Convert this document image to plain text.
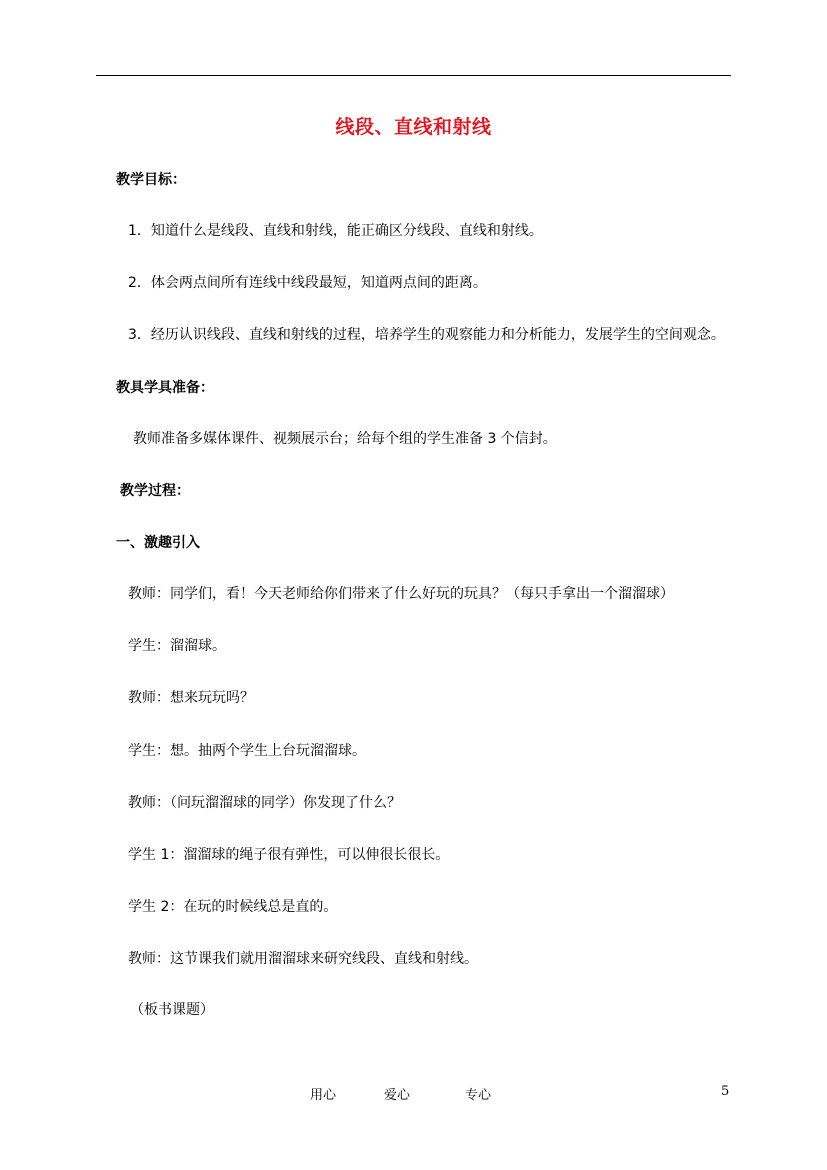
线段、直线和射线
教学目标：
1．知道什么是线段、直线和射线，能正确区分线段、直线和射线。
2．体会两点间所有连线中线段最短，知道两点间的距离。
3．经历认识线段、直线和射线的过程，培养学生的观察能力和分析能力，发展学生的空间观念。
教具学具准备：
教师准备多媒体课件、视频展示台；给每个组的学生准备 3 个信封。
教学过程：
一、激趣引入
教师：同学们，看！今天老师给你们带来了什么好玩的玩具？（每只手拿出一个溜溜球）
学生：溜溜球。
教师：想来玩玩吗？
学生：想。抽两个学生上台玩溜溜球。
教师：（问玩溜溜球的同学）你发现了什么？
学生 1：溜溜球的绳子很有弹性，可以伸很长很长。
学生 2：在玩的时候线总是直的。
教师：这节课我们就用溜溜球来研究线段、直线和射线。
（板书课题）
用心	爱心	专心	5
